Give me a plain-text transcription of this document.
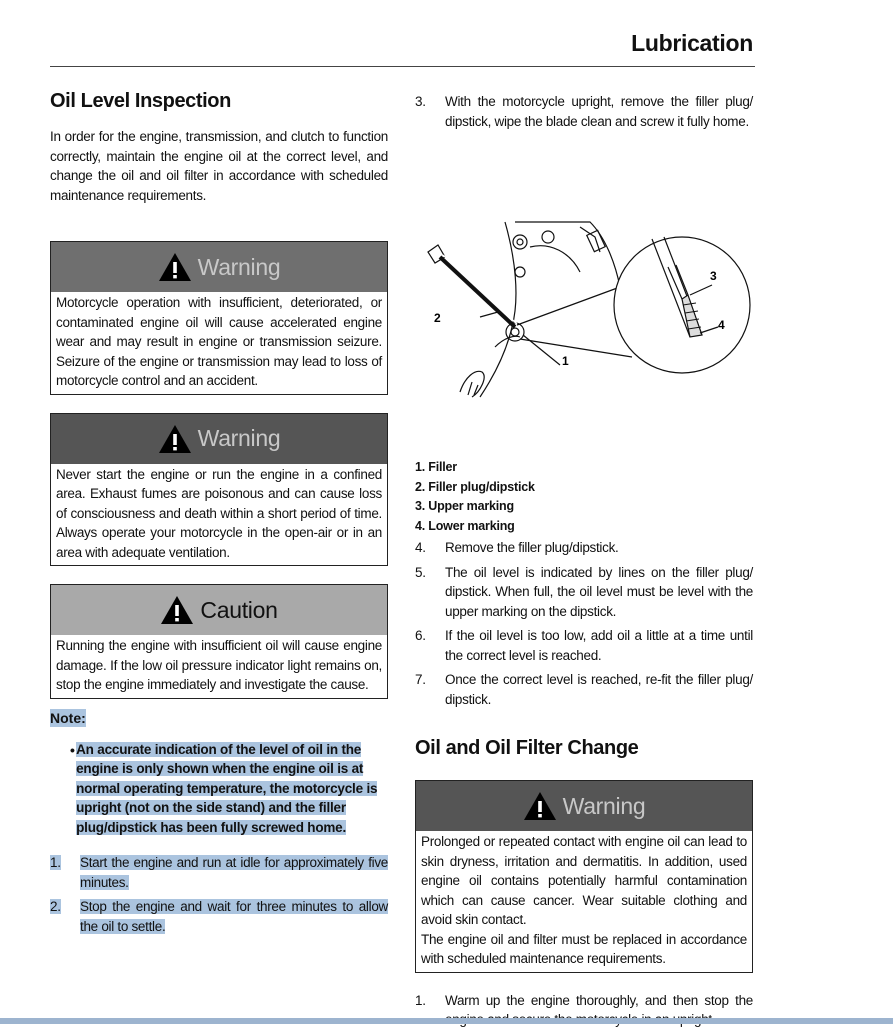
Lubrication
Oil Level Inspection

In order for the engine, transmission, and clutch to function correctly, maintain the engine oil at the correct level, and change the oil and oil filter in accordance with scheduled maintenance requirements.

Warning
Motorcycle operation with insufficient, deteriorated, or contaminated engine oil will cause accelerated engine wear and may result in engine or transmission seizure. Seizure of the engine or transmission may lead to loss of motorcycle control and an accident.
Warning
Never start the engine or run the engine in a confined area. Exhaust fumes are poisonous and can cause loss of consciousness and death within a short period of time. Always operate your motorcycle in the open-air or in an area with adequate ventilation.
Caution
Running the engine with insufficient oil will cause engine damage. If the low oil pressure indicator light remains on, stop the engine immediately and investigate the cause.
Note:
• An accurate indication of the level of oil in the engine is only shown when the engine oil is at normal operating temperature, the motorcycle is upright (not on the side stand) and the filler plug/dipstick has been fully screwed home.
1.	Start the engine and run at idle for approximately five minutes.
2.	Stop the engine and wait for three minutes to allow the oil to settle.
3.	With the motorcycle upright, remove the filler plug/ dipstick, wipe the blade clean and screw it fully home.
2
1
3
4
1. Filler
2. Filler plug/dipstick
3. Upper marking
4. Lower marking
4.	Remove the filler plug/dipstick.
5.	The oil level is indicated by lines on the filler plug/ dipstick. When full, the oil level must be level with the upper marking on the dipstick.
6.	If the oil level is too low, add oil a little at a time until the correct level is reached.
7.	Once the correct level is reached, re-fit the filler plug/ dipstick.
Oil and Oil Filter Change
Warning
Prolonged or repeated contact with engine oil can lead to skin dryness, irritation and dermatitis. In addition, used engine oil contains potentially harmful contamination which can cause cancer. Wear suitable clothing and avoid skin contact.
The engine oil and filter must be replaced in accordance with scheduled maintenance requirements.
1.	Warm up the engine thoroughly, and then stop the
